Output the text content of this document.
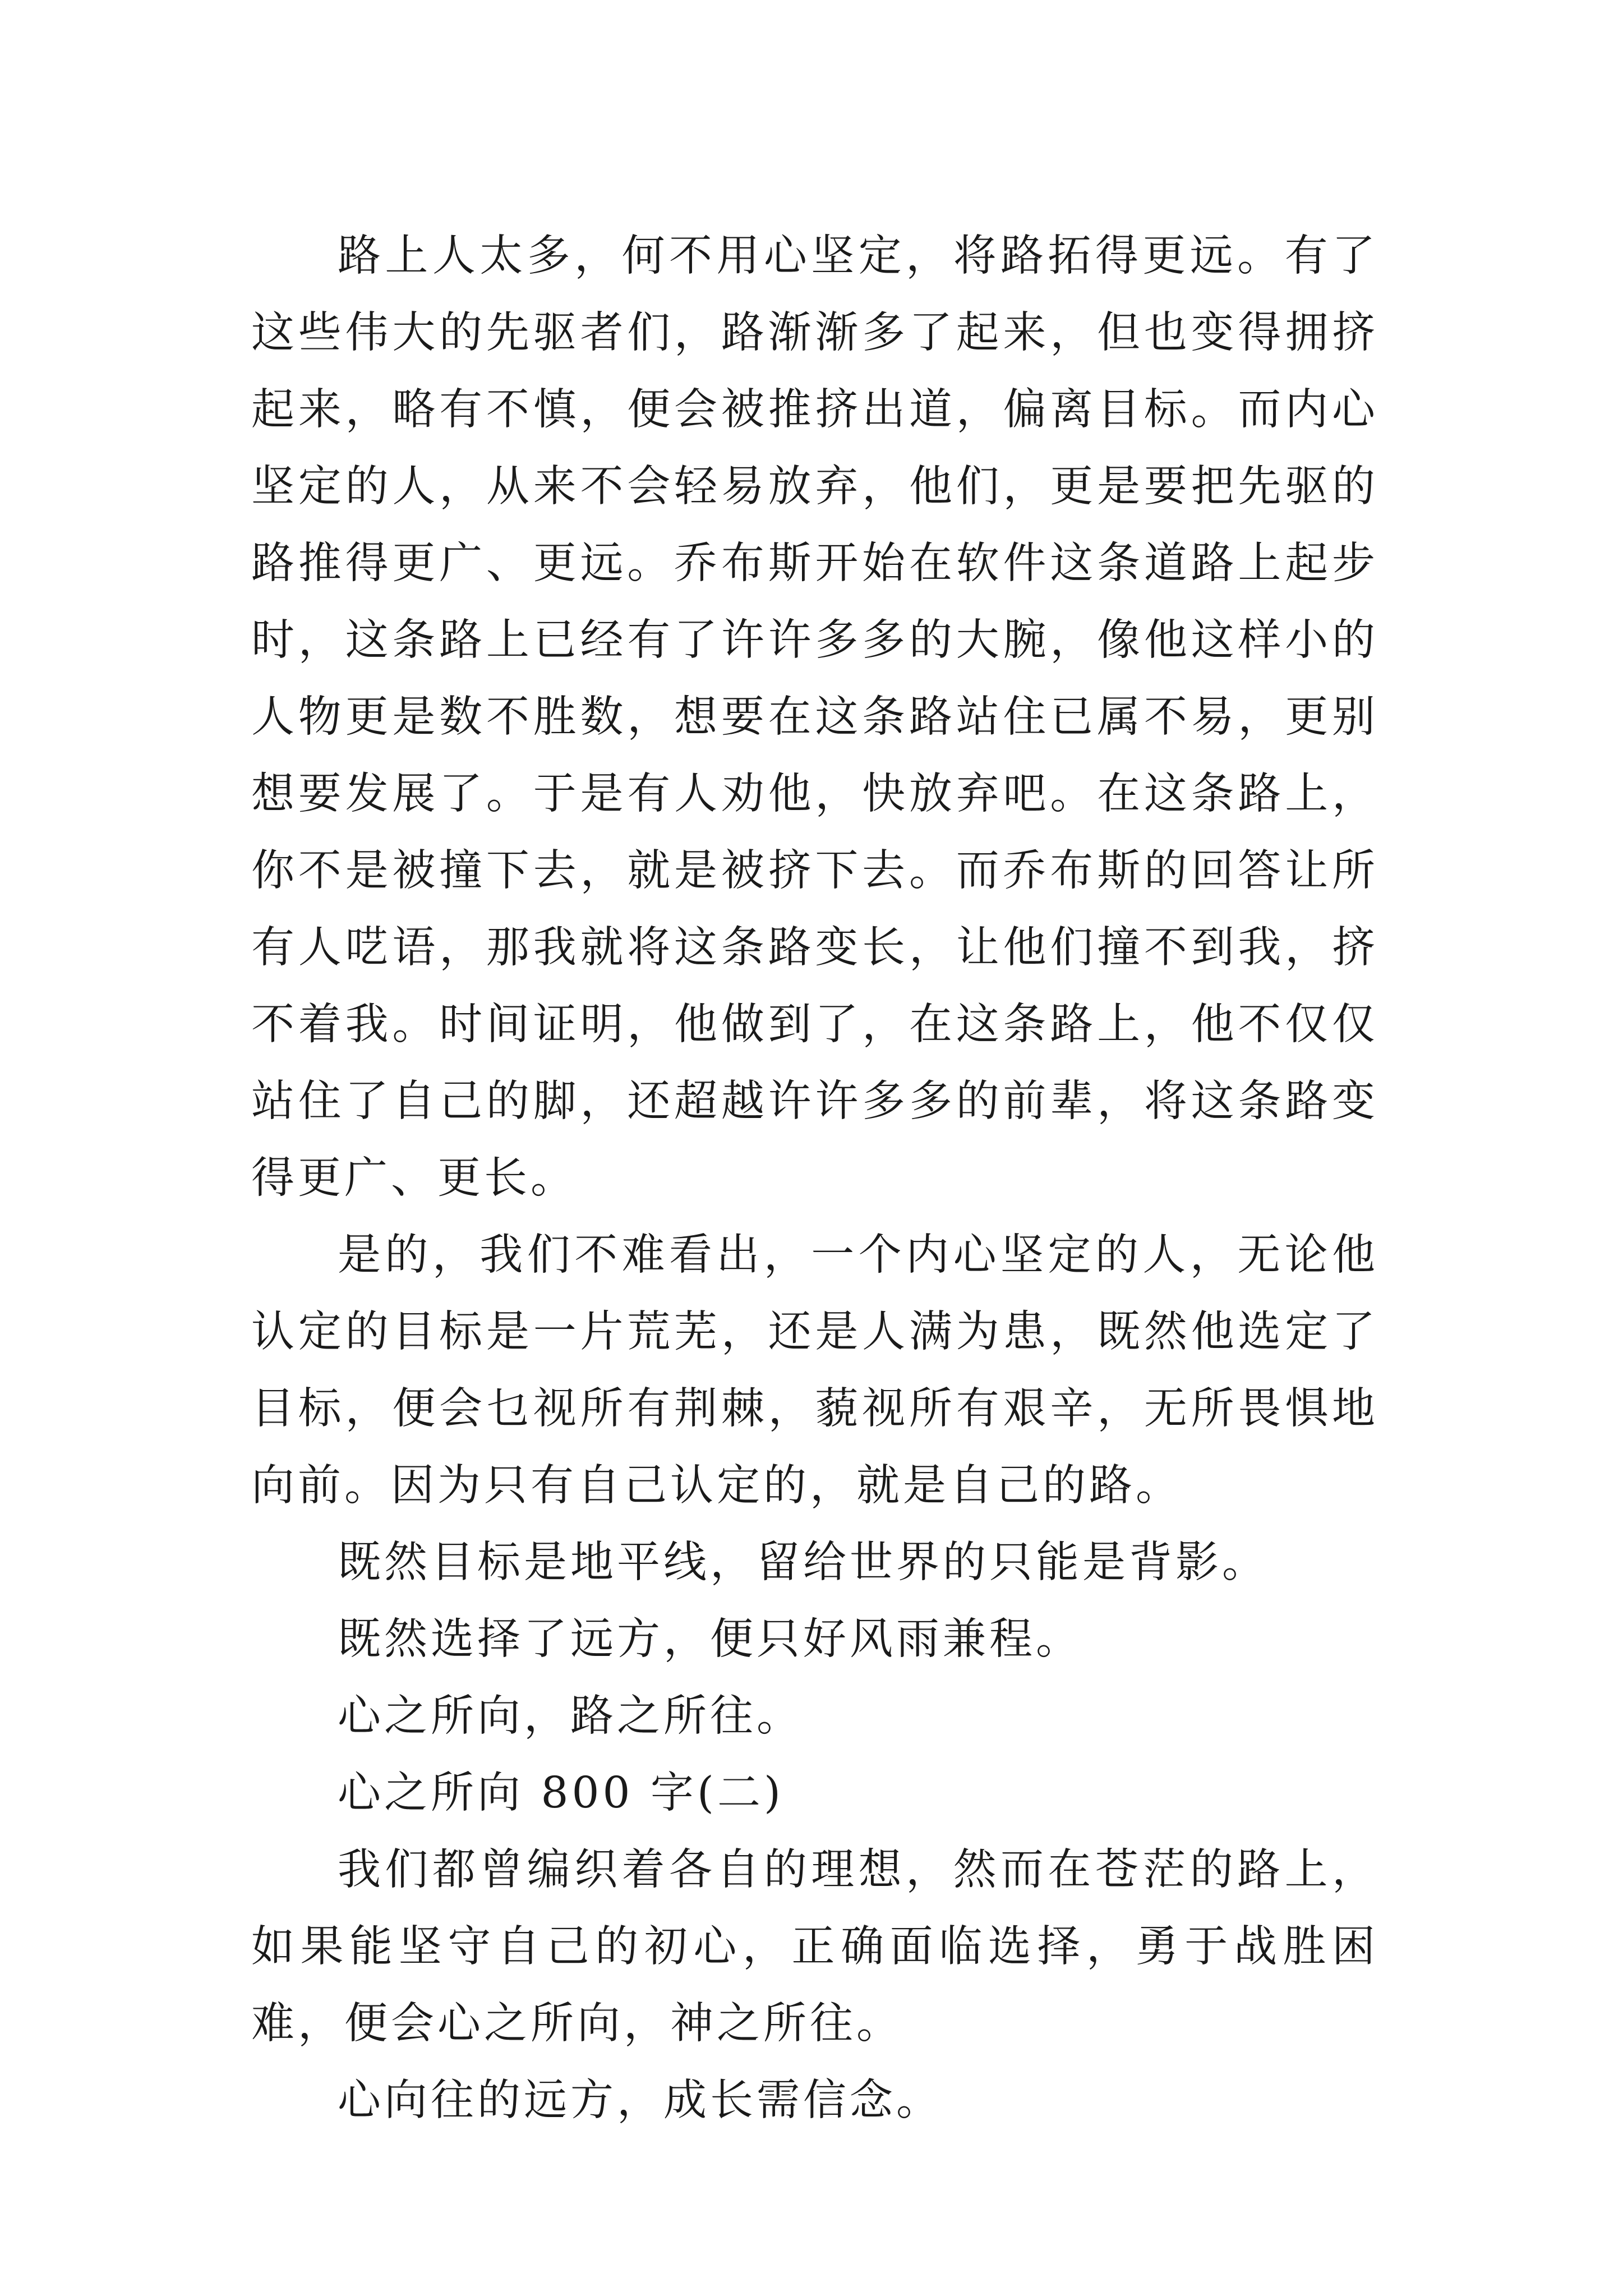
路上人太多，何不用心坚定，将路拓得更远。有了这些伟大的先驱者们，路渐渐多了起来，但也变得拥挤起来，略有不慎，便会被推挤出道，偏离目标。而内心坚定的人，从来不会轻易放弃，他们，更是要把先驱的路推得更广、更远。乔布斯开始在软件这条道路上起步时，这条路上已经有了许许多多的大腕，像他这样小的人物更是数不胜数，想要在这条路站住已属不易，更别想要发展了。于是有人劝他，快放弃吧。在这条路上，你不是被撞下去，就是被挤下去。而乔布斯的回答让所有人呓语，那我就将这条路变长，让他们撞不到我，挤不着我。时间证明，他做到了，在这条路上，他不仅仅站住了自己的脚，还超越许许多多的前辈，将这条路变得更广、更长。

是的，我们不难看出，一个内心坚定的人，无论他认定的目标是一片荒芜，还是人满为患，既然他选定了目标，便会乜视所有荆棘，藐视所有艰辛，无所畏惧地向前。因为只有自己认定的，就是自己的路。

既然目标是地平线，留给世界的只能是背影。

既然选择了远方，便只好风雨兼程。

心之所向，路之所往。

心之所向 800 字(二)

我们都曾编织着各自的理想，然而在苍茫的路上，如果能坚守自己的初心，正确面临选择，勇于战胜困难，便会心之所向，神之所往。

心向往的远方，成长需信念。
